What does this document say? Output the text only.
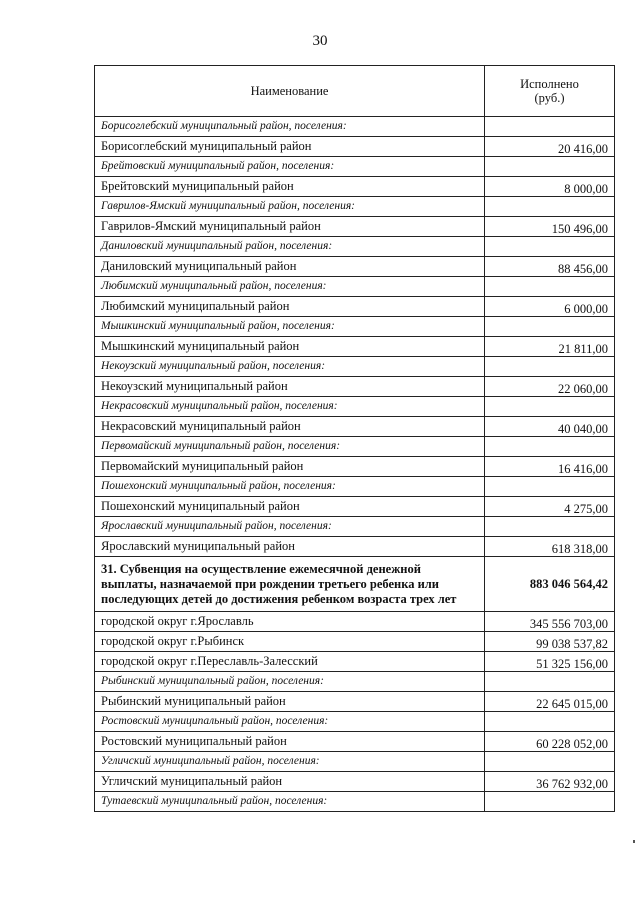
30
Наименование	Исполнено
(руб.)
Борисоглебский муниципальный район, поселения:	
Борисоглебский муниципальный район	20 416,00
Брейтовский муниципальный район, поселения:	
Брейтовский муниципальный район	8 000,00
Гаврилов-Ямский муниципальный район, поселения:	
Гаврилов-Ямский муниципальный район	150 496,00
Даниловский муниципальный район, поселения:	
Даниловский муниципальный район	88 456,00
Любимский муниципальный район, поселения:	
Любимский муниципальный район	6 000,00
Мышкинский муниципальный район, поселения:	
Мышкинский муниципальный район	21 811,00
Некоузский муниципальный район, поселения:	
Некоузский муниципальный район	22 060,00
Некрасовский муниципальный район, поселения:	
Некрасовский муниципальный район	40 040,00
Первомайский муниципальный район, поселения:	
Первомайский муниципальный район	16 416,00
Пошехонский муниципальный район, поселения:	
Пошехонский муниципальный район	4 275,00
Ярославский муниципальный район, поселения:	
Ярославский муниципальный район	618 318,00
31. Субвенция на осуществление ежемесячной денежной выплаты, назначаемой при рождении третьего ребенка или последующих детей до достижения ребенком возраста трех лет	883 046 564,42
городской округ г.Ярославль	345 556 703,00
городской округ г.Рыбинск	99 038 537,82
городской округ г.Переславль-Залесский	51 325 156,00
Рыбинский муниципальный район, поселения:	
Рыбинский муниципальный район	22 645 015,00
Ростовский муниципальный район, поселения:	
Ростовский муниципальный район	60 228 052,00
Угличский муниципальный район, поселения:	
Угличский муниципальный район	36 762 932,00
Тутаевский муниципальный район, поселения:	
